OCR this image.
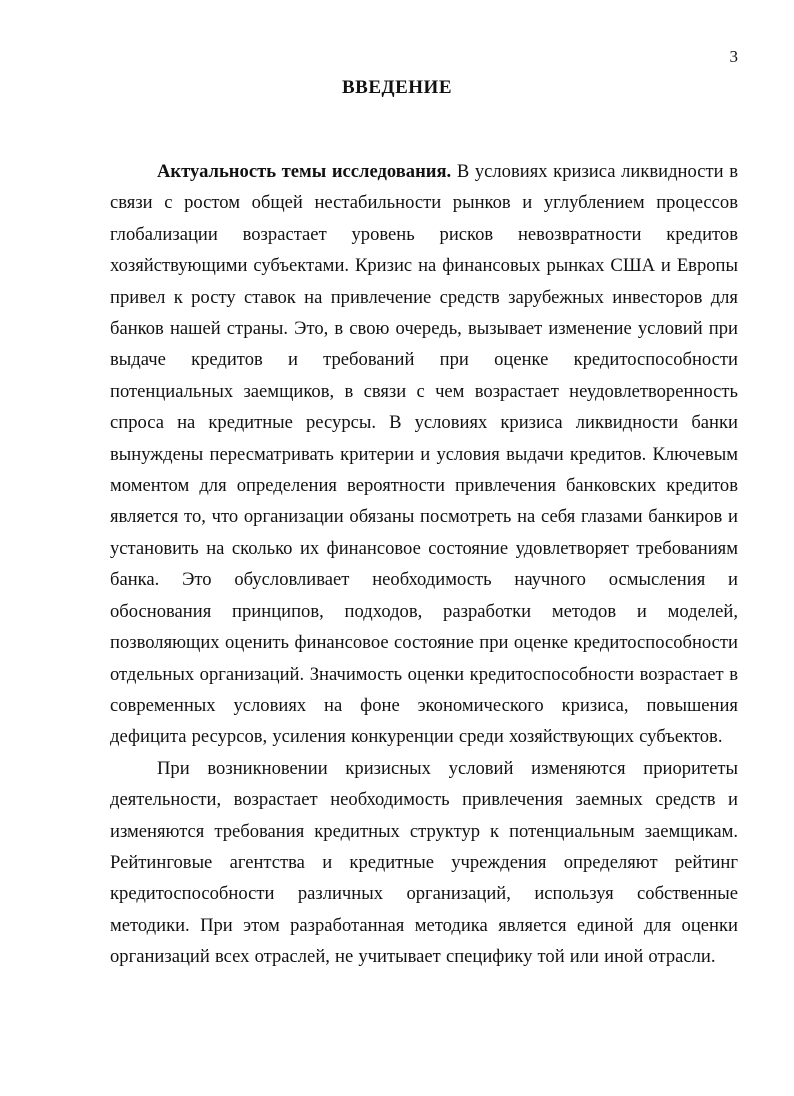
3
ВВЕДЕНИЕ

Актуальность темы исследования. В условиях кризиса ликвидности в связи с ростом общей нестабильности рынков и углублением процессов глобализации возрастает уровень рисков невозвратности кредитов хозяйствующими субъектами. Кризис на финансовых рынках США и Европы привел к росту ставок на привлечение средств зарубежных инвесторов для банков нашей страны. Это, в свою очередь, вызывает изменение условий при выдаче кредитов и требований при оценке кредитоспособности потенциальных заемщиков, в связи с чем возрастает неудовлетворенность спроса на кредитные ресурсы. В условиях кризиса ликвидности банки вынуждены пересматривать критерии и условия выдачи кредитов. Ключевым моментом для определения вероятности привлечения банковских кредитов является то, что организации обязаны посмотреть на себя глазами банкиров и установить на сколько их финансовое состояние удовлетворяет требованиям банка. Это обусловливает необходимость научного осмысления и обоснования принципов, подходов, разработки методов и моделей, позволяющих оценить финансовое состояние при оценке кредитоспособности отдельных организаций. Значимость оценки кредитоспособности возрастает в современных условиях на фоне экономического кризиса, повышения дефицита ресурсов, усиления конкуренции среди хозяйствующих субъектов.

При возникновении кризисных условий изменяются приоритеты деятельности, возрастает необходимость привлечения заемных средств и изменяются требования кредитных структур к потенциальным заемщикам. Рейтинговые агентства и кредитные учреждения определяют рейтинг кредитоспособности различных организаций, используя собственные методики. При этом разработанная методика является единой для оценки организаций всех отраслей, не учитывает специфику той или иной отрасли.
